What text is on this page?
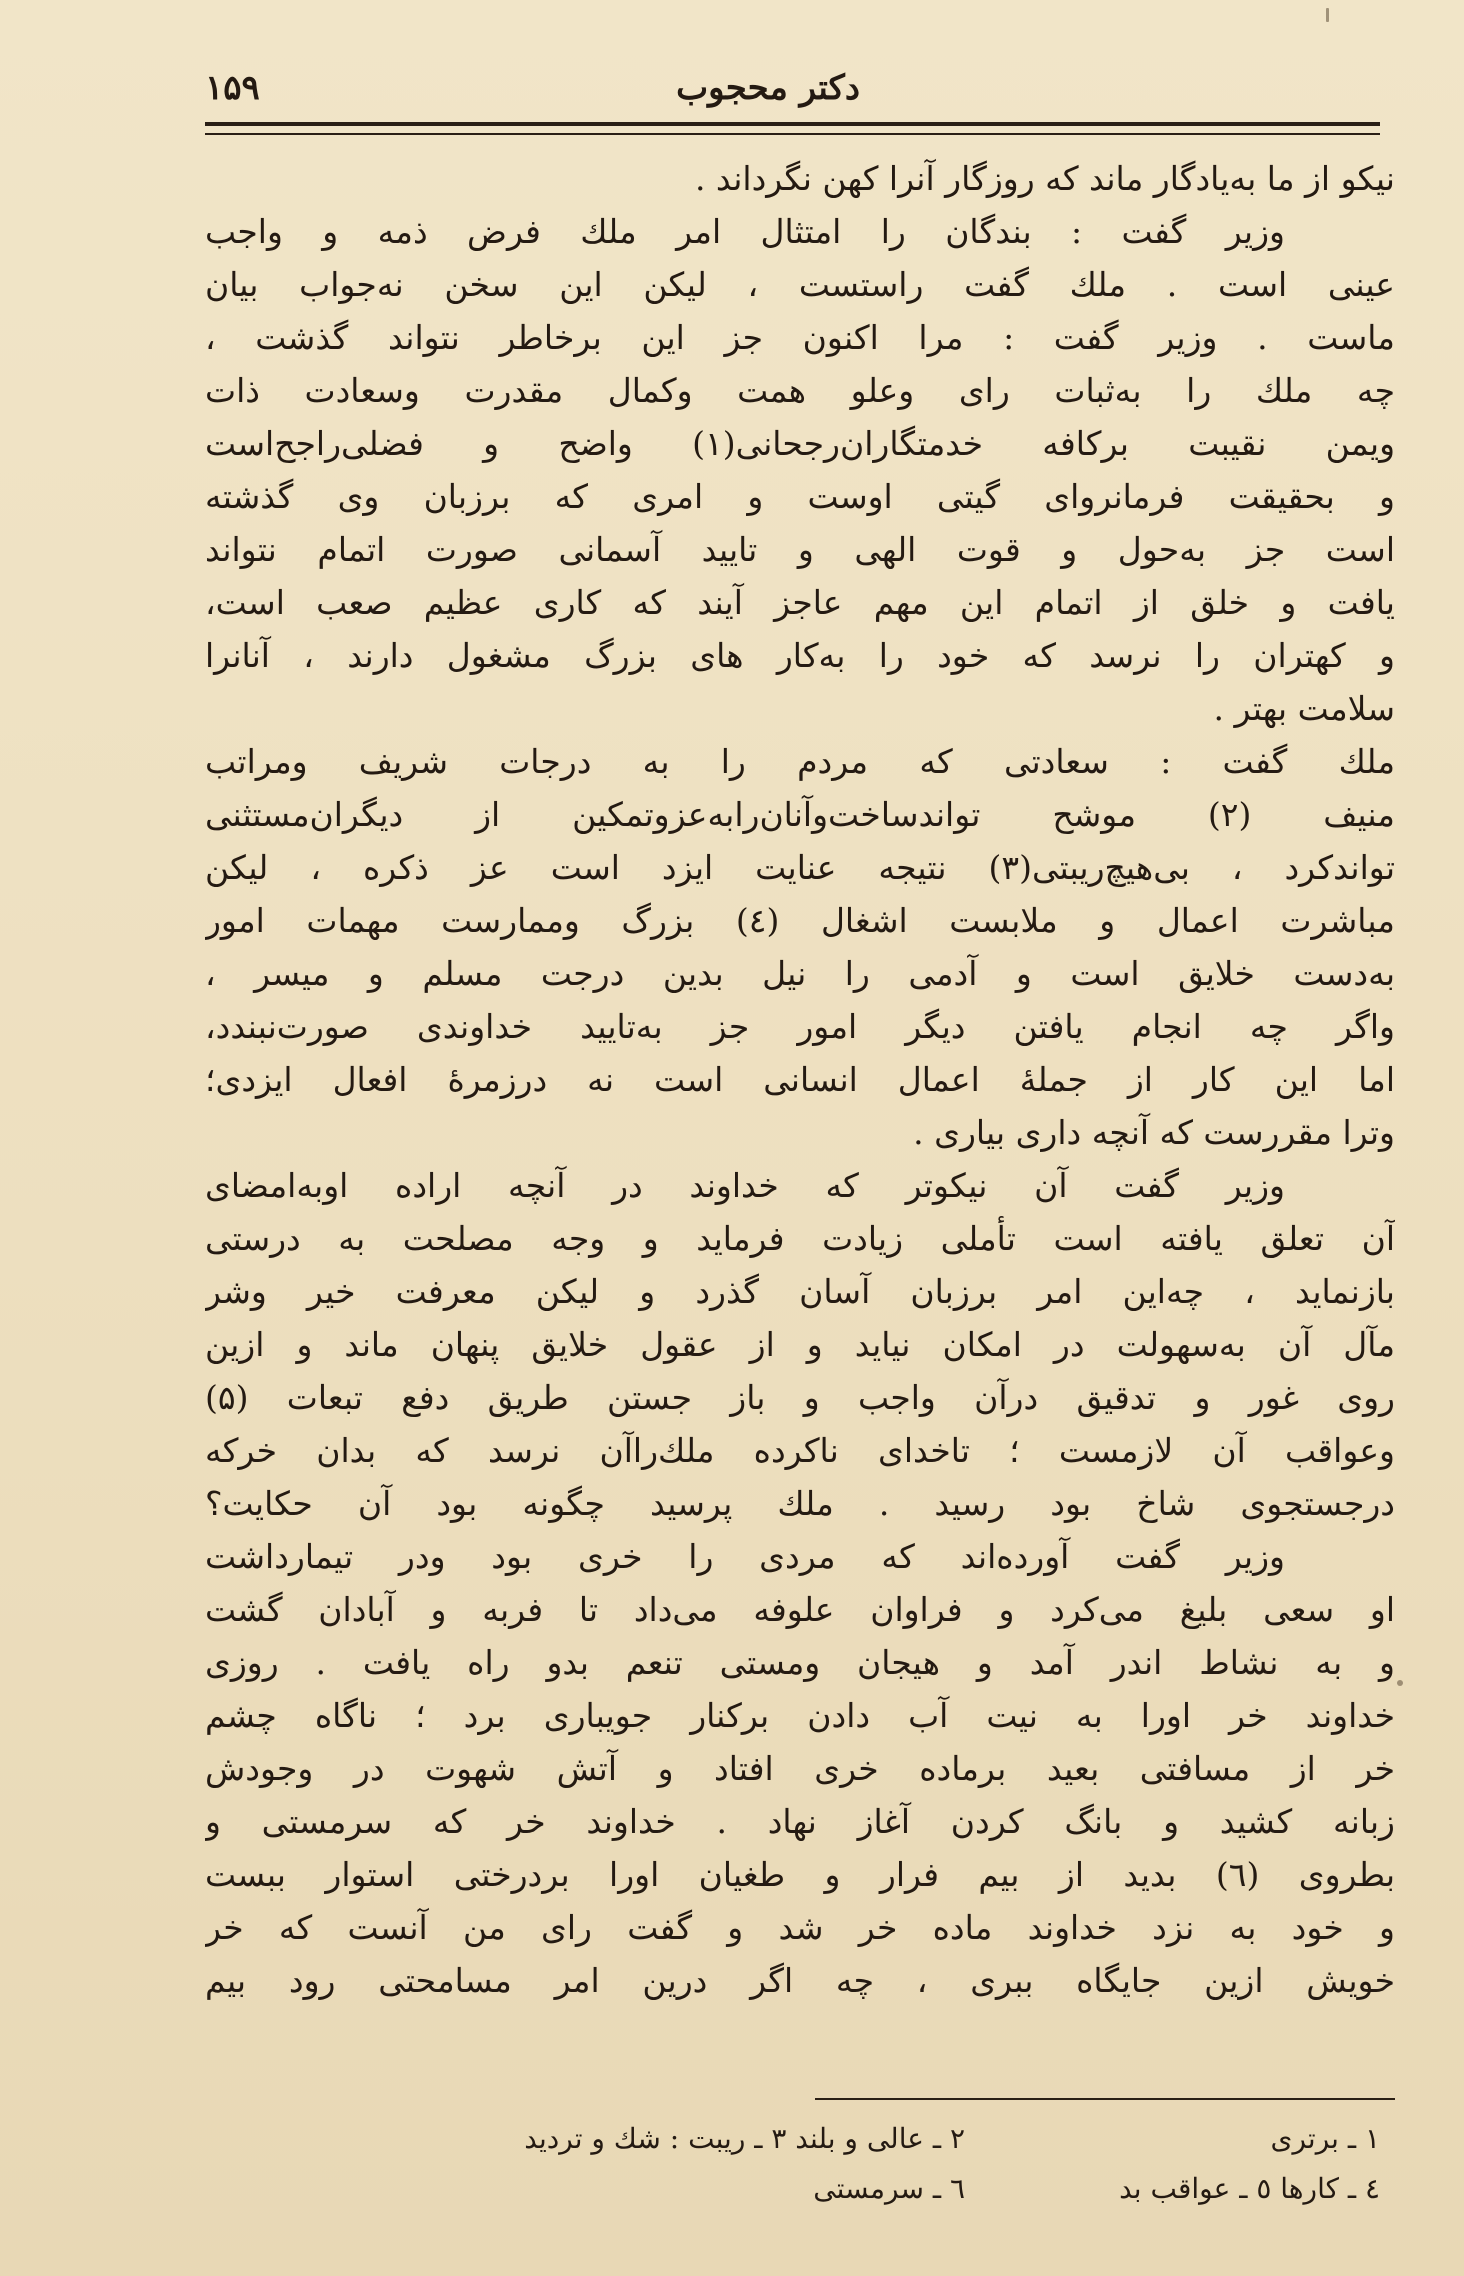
دکتر محجوب
۱۵۹
نیکو از ما به‌یادگار ماند که روزگار آنرا کهن نگرداند .
وزیر گفت : بندگان را امتثال امر ملك فرض ذمه و واجب
عینی است . ملك گفت راستست ، لیکن این سخن نه‌جواب بیان
ماست . وزیر گفت : مرا اکنون جز این برخاطر نتواند گذشت ،
چه ملك را به‌ثبات رای وعلو همت وکمال مقدرت وسعادت ذات
ویمن نقیبت برکافه خدمتگاران‌رجحانی(۱) واضح و فضلی‌راجح‌است
و بحقیقت فرمانروای گیتی اوست و امری که برزبان وی گذشته
است جز به‌حول و قوت الهی و تایید آسمانی صورت اتمام نتواند
یافت و خلق از اتمام این مهم عاجز آیند که کاری عظیم صعب است،
و کهتران را نرسد که خود را به‌کار های بزرگ مشغول دارند ، آنانرا
سلامت بهتر .
ملك گفت : سعادتی که مردم را به درجات شریف ومراتب
منیف (۲) موشح تواندساخت‌وآنان‌رابه‌عزوتمکین از دیگران‌مستثنی
تواندکرد ، بی‌هیچ‌ریبتی(۳) نتیجه عنایت ایزد است عز ذکره ، لیکن
مباشرت اعمال و ملابست اشغال (٤) بزرگ وممارست مهمات امور
به‌دست خلایق است و آدمی را نیل بدین درجت مسلم و میسر ،
واگر چه انجام یافتن دیگر امور جز به‌تایید خداوندی صورت‌نبندد،
اما این کار از جملهٔ اعمال انسانی است نه درزمرهٔ افعال ایزدی؛
وترا مقررست که آنچه داری بیاری .
وزیر گفت آن نیکوتر که خداوند در آنچه اراده اوبه‌امضای
آن تعلق یافته است تأملی زیادت فرماید و وجه مصلحت به درستی
بازنماید ، چه‌این امر برزبان آسان گذرد و لیکن معرفت خیر وشر
مآل آن به‌سهولت در امکان نیاید و از عقول خلایق پنهان ماند و ازین
روی غور و تدقیق درآن واجب و باز جستن طریق دفع تبعات (۵)
وعواقب آن لازمست ؛ تاخدای ناکرده ملك‌راآن نرسد که بدان خرکه
درجستجوی شاخ بود رسید . ملك پرسید چگونه بود آن حکایت؟
وزیر گفت آورده‌اند که مردی را خری بود ودر تیمارداشت
او سعی بلیغ می‌کرد و فراوان علوفه می‌داد تا فربه و آبادان گشت
و به نشاط اندر آمد و هیجان ومستی تنعم بدو راه یافت . روزی
خداوند خر اورا به نیت آب دادن برکنار جویباری برد ؛ ناگاه چشم
خر از مسافتی بعید برماده خری افتاد و آتش شهوت در وجودش
زبانه کشید و بانگ کردن آغاز نهاد . خداوند خر که سرمستی و
بطروی (٦) بدید از بیم فرار و طغیان اورا بردرختی استوار ببست
و خود به نزد خداوند ماده خر شد و گفت رای من آنست که خر
خویش ازین جایگاه ببری ، چه اگر درین امر مسامحتی رود بیم
۱ ـ برتری
۲ ـ عالی و بلند ۳ ـ ریبت : شك و تردید
٤ ـ کارها ٥ ـ عواقب بد
٦ ـ سرمستی
